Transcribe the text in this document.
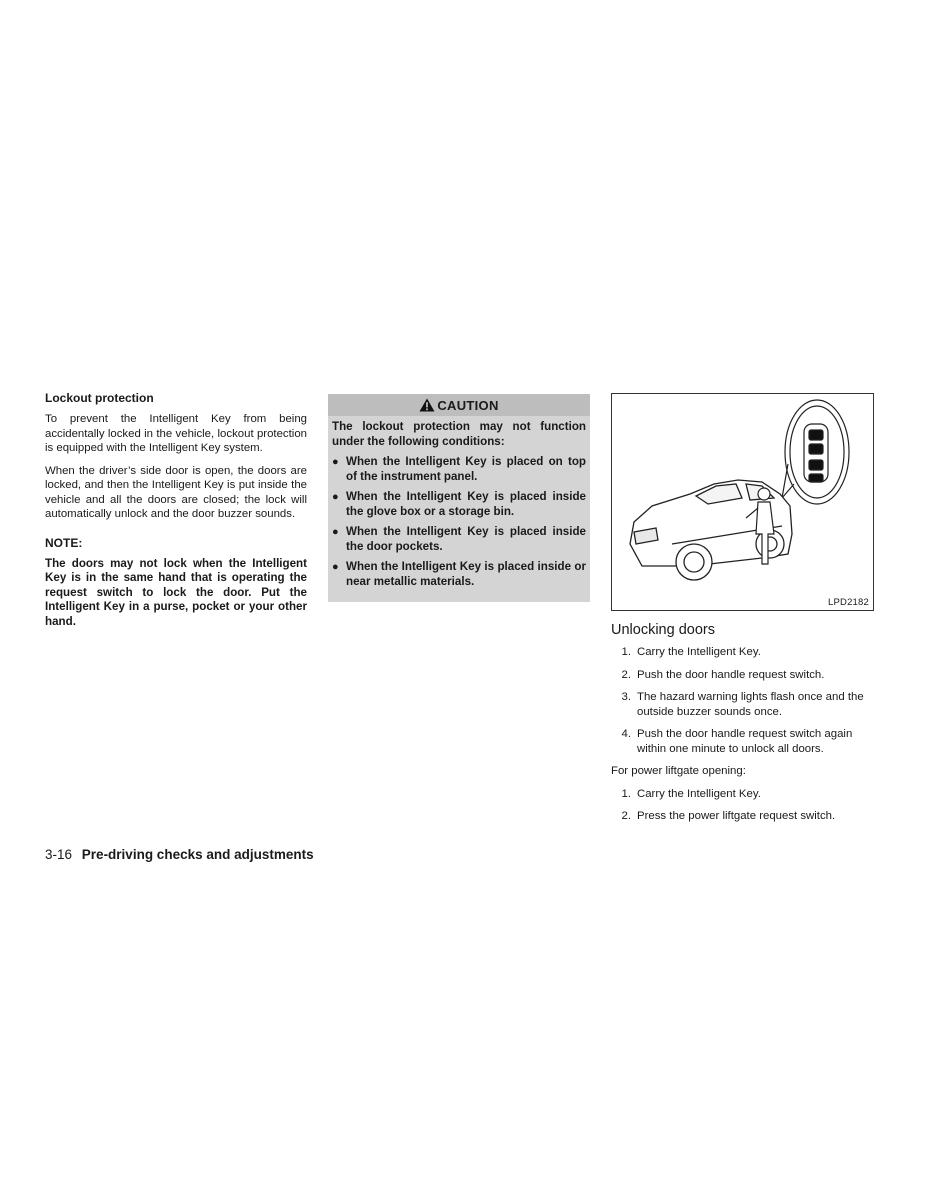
Lockout protection

To prevent the Intelligent Key from being accidentally locked in the vehicle, lockout protection is equipped with the Intelligent Key system.

When the driver’s side door is open, the doors are locked, and then the Intelligent Key is put inside the vehicle and all the doors are closed; the lock will automatically unlock and the door buzzer sounds.

NOTE:

The doors may not lock when the Intelligent Key is in the same hand that is operating the request switch to lock the door. Put the Intelligent Key in a purse, pocket or your other hand.

CAUTION

The lockout protection may not function under the following conditions:

● When the Intelligent Key is placed on top of the instrument panel.
● When the Intelligent Key is placed inside the glove box or a storage bin.
● When the Intelligent Key is placed inside the door pockets.
● When the Intelligent Key is placed inside or near metallic materials.
LPD2182
Unlocking doors
1. Carry the Intelligent Key.
2. Push the door handle request switch.
3. The hazard warning lights flash once and the outside buzzer sounds once.
4. Push the door handle request switch again within one minute to unlock all doors.

For power liftgate opening:

1. Carry the Intelligent Key.
2. Press the power liftgate request switch.
3-16 Pre-driving checks and adjustments
